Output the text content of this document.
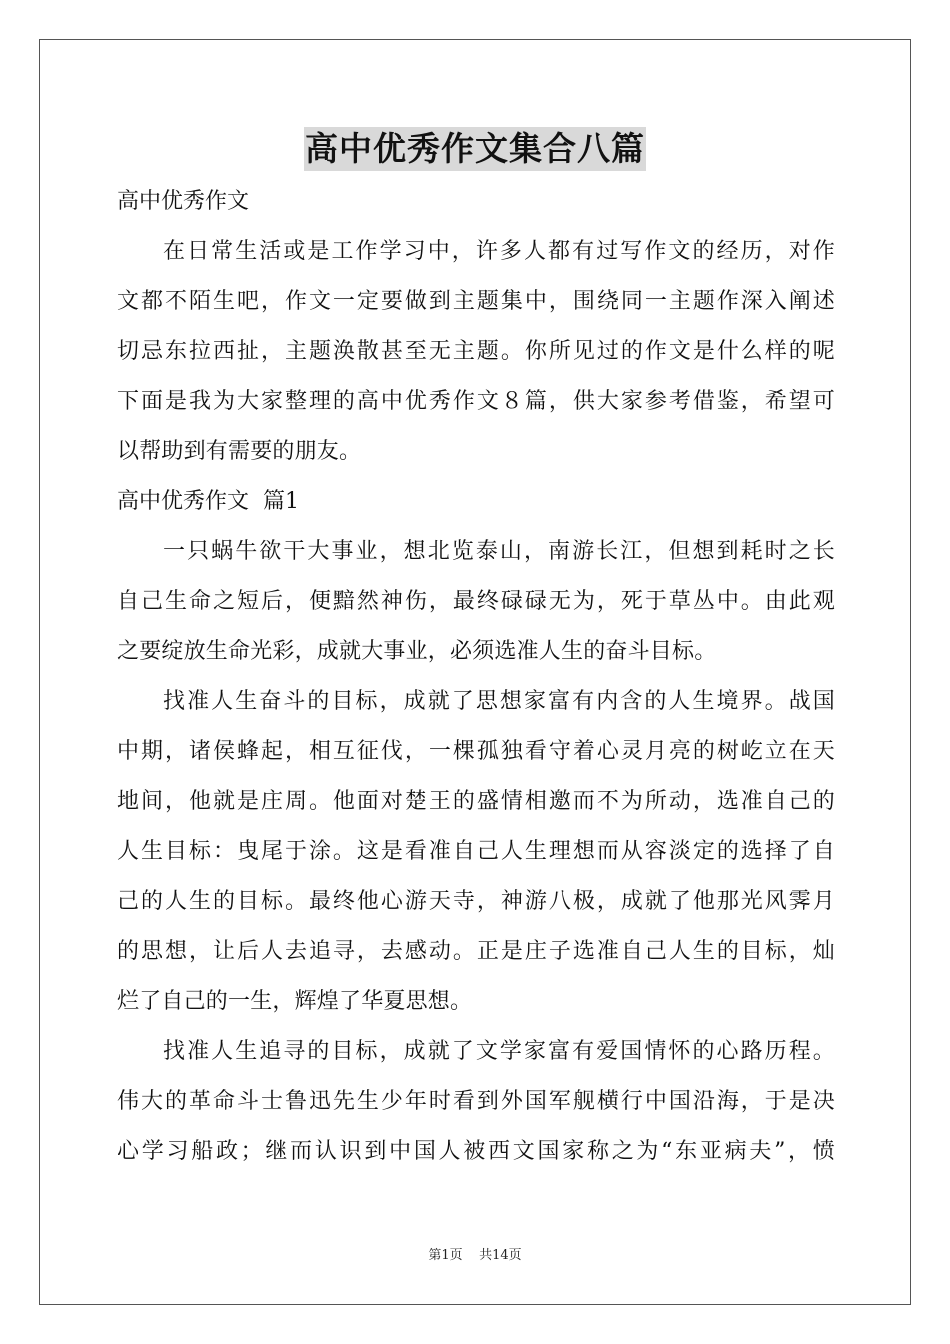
高中优秀作文集合八篇
高中优秀作文
在日常生活或是工作学习中，许多人都有过写作文的经历，对作
文都不陌生吧，作文一定要做到主题集中，围绕同一主题作深入阐述
切忌东拉西扯，主题涣散甚至无主题。你所见过的作文是什么样的呢
下面是我为大家整理的高中优秀作文８篇，供大家参考借鉴，希望可
以帮助到有需要的朋友。
高中优秀作文  篇1
一只蜗牛欲干大事业，想北览泰山，南游长江，但想到耗时之长
自己生命之短后，便黯然神伤，最终碌碌无为，死于草丛中。由此观
之要绽放生命光彩，成就大事业，必须选准人生的奋斗目标。
找准人生奋斗的目标，成就了思想家富有内含的人生境界。战国
中期，诸侯蜂起，相互征伐，一棵孤独看守着心灵月亮的树屹立在天
地间，他就是庄周。他面对楚王的盛情相邀而不为所动，选准自己的
人生目标：曳尾于涂。这是看准自己人生理想而从容淡定的选择了自
己的人生的目标。最终他心游天寺，神游八极，成就了他那光风霁月
的思想，让后人去追寻，去感动。正是庄子选准自己人生的目标，灿
烂了自己的一生，辉煌了华夏思想。
找准人生追寻的目标，成就了文学家富有爱国情怀的心路历程。
伟大的革命斗士鲁迅先生少年时看到外国军舰横行中国沿海，于是决
心学习船政；继而认识到中国人被西文国家称之为“东亚病夫”，愤
第1页    共14页
